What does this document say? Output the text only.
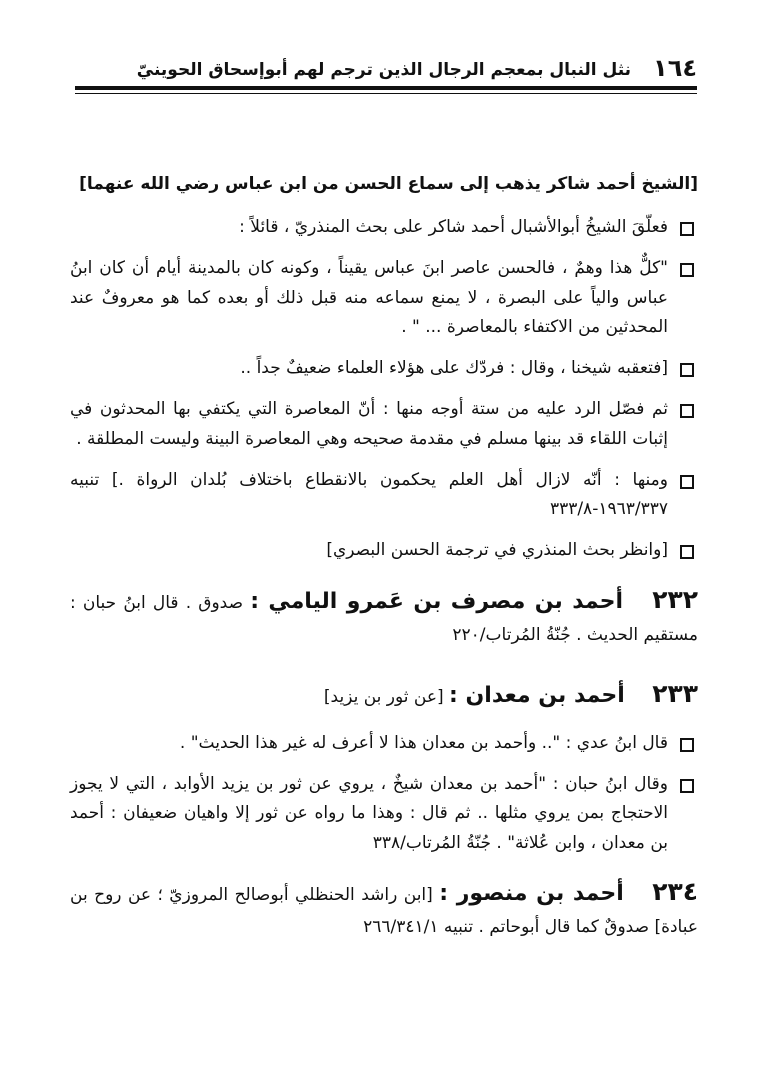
١٦٤
نثل النبال بمعجم الرجال الذين ترجم لهم أبوإسحاق الحوينيّ
[الشيخ أحمد شاكر يذهب إلى سماع الحسن من ابن عباس رضي الله عنهما]
فعلّقَ الشيخُ أبوالأشبال أحمد شاكر على بحث المنذريّ ، قائلاً :
"كلٌّ هذا وهمٌ ، فالحسن عاصر ابنَ عباس يقيناً ، وكونه كان بالمدينة أيام أن كان ابنُ عباس والياً على البصرة ، لا يمنع سماعه منه قبل ذلك أو بعده كما هو معروفٌ عند المحدثين من الاكتفاء بالمعاصرة ... " .
[فتعقبه شيخنا ، وقال : فردّك على هؤلاء العلماء ضعيفٌ جداً ..
ثم فصّل الرد عليه من ستة أوجه منها : أنّ المعاصرة التي يكتفي بها المحدثون في إثبات اللقاء قد بينها مسلم في مقدمة صحيحه وهي المعاصرة البينة وليست المطلقة .
ومنها : أنّه لازال أهل العلم يحكمون بالانقطاع باختلاف بُلدان الرواة .] تنبيه ١٩٦٣/٣٣٧-٣٣٣/٨
[وانظر بحث المنذري في ترجمة الحسن البصري]
٢٣٢ أحمد بن مصرف بن عَمرو اليامي : صدوق . قال ابنُ حبان : مستقيم الحديث . جُنّةُ المُرتاب/٢٢٠
٢٣٣ أحمد بن معدان : [عن ثور بن يزيد]
قال ابنُ عدي : ".. وأحمد بن معدان هذا لا أعرف له غير هذا الحديث" .
وقال ابنُ حبان : "أحمد بن معدان شيخٌ ، يروي عن ثور بن يزيد الأوابد ، التي لا يجوز الاحتجاج بمن يروي مثلها .. ثم قال : وهذا ما رواه عن ثور إلا واهيان ضعيفان : أحمد بن معدان ، وابن عُلاثة" . جُنّةُ المُرتاب/٣٣٨
٢٣٤ أحمد بن منصور : [ابن راشد الحنظلي أبوصالح المروزيّ ؛ عن روح بن عبادة] صدوقٌ كما قال أبوحاتم . تنبيه ٢٦٦/٣٤١/١
